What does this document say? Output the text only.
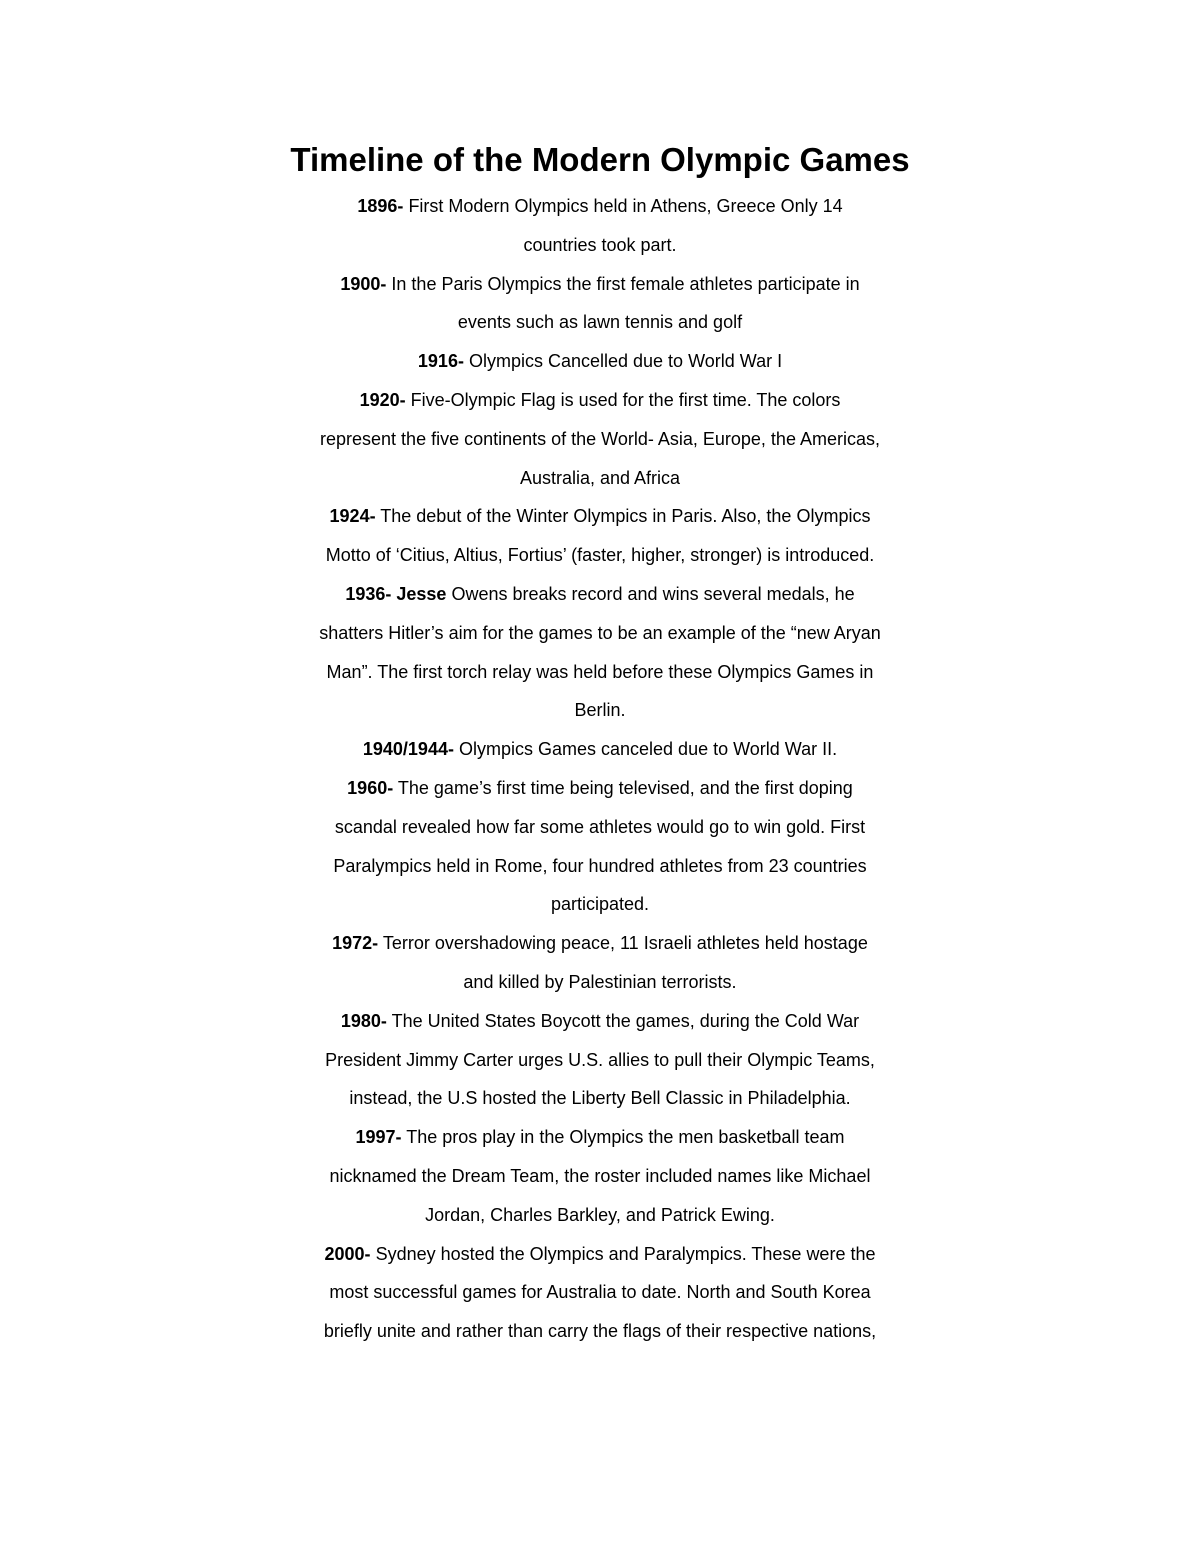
Timeline of the Modern Olympic Games
1896- First Modern Olympics held in Athens, Greece Only 14
countries took part.
1900- In the Paris Olympics the first female athletes participate in
events such as lawn tennis and golf
1916- Olympics Cancelled due to World War I
1920- Five-Olympic Flag is used for the first time. The colors
represent the five continents of the World- Asia, Europe, the Americas,
Australia, and Africa
1924- The debut of the Winter Olympics in Paris. Also, the Olympics
Motto of ‘Citius, Altius, Fortius’ (faster, higher, stronger) is introduced.
1936- Jesse Owens breaks record and wins several medals, he
shatters Hitler’s aim for the games to be an example of the “new Aryan
Man”. The first torch relay was held before these Olympics Games in
Berlin.
1940/1944- Olympics Games canceled due to World War II.
1960- The game’s first time being televised, and the first doping
scandal revealed how far some athletes would go to win gold. First
Paralympics held in Rome, four hundred athletes from 23 countries
participated.
1972- Terror overshadowing peace, 11 Israeli athletes held hostage
and killed by Palestinian terrorists.
1980- The United States Boycott the games, during the Cold War
President Jimmy Carter urges U.S. allies to pull their Olympic Teams,
instead, the U.S hosted the Liberty Bell Classic in Philadelphia.
1997- The pros play in the Olympics the men basketball team
nicknamed the Dream Team, the roster included names like Michael
Jordan, Charles Barkley, and Patrick Ewing.
2000- Sydney hosted the Olympics and Paralympics. These were the
most successful games for Australia to date. North and South Korea
briefly unite and rather than carry the flags of their respective nations,
